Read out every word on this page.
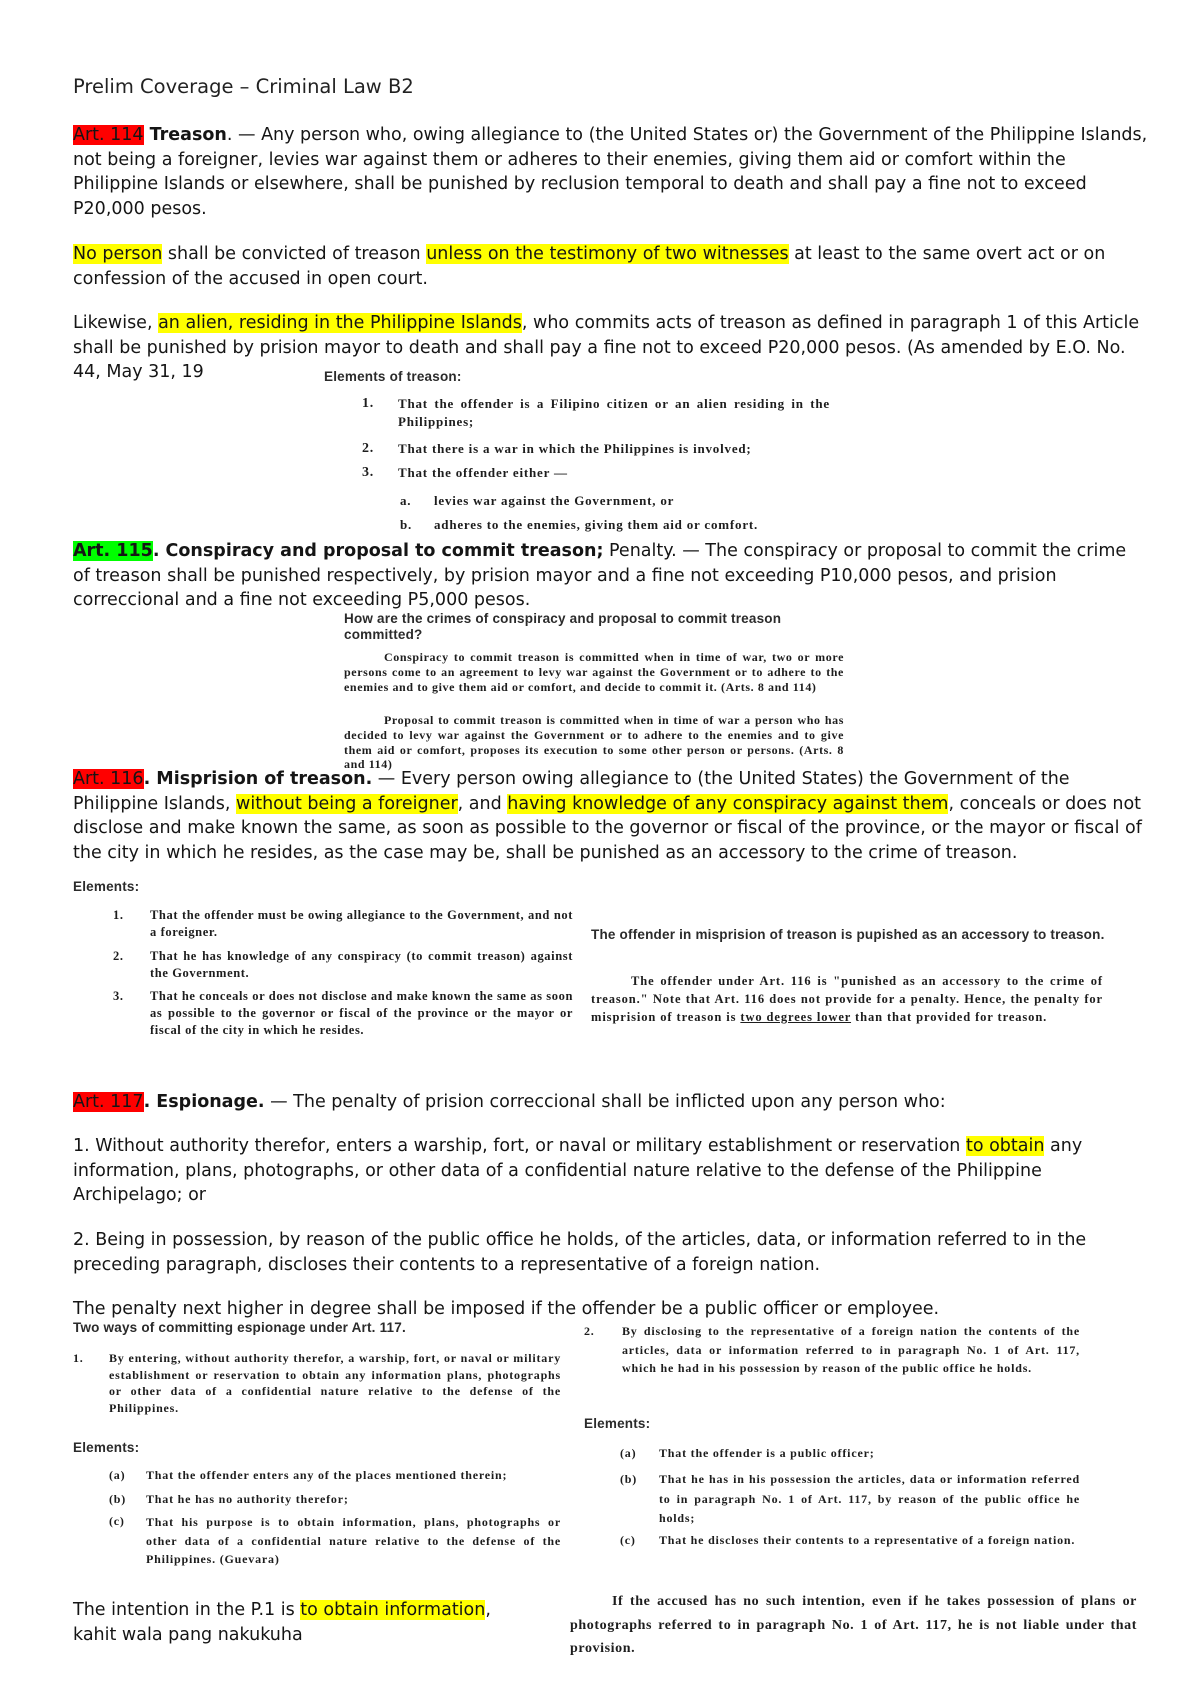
Prelim Coverage – Criminal Law B2
Art. 114 Treason. — Any person who, owing allegiance to (the United States or) the Government of the Philippine Islands, not being a foreigner, levies war against them or adheres to their enemies, giving them aid or comfort within the Philippine Islands or elsewhere, shall be punished by reclusion temporal to death and shall pay a fine not to exceed P20,000 pesos.
No person shall be convicted of treason unless on the testimony of two witnesses at least to the same overt act or on confession of the accused in open court.
Likewise, an alien, residing in the Philippine Islands, who commits acts of treason as defined in paragraph 1 of this Article shall be punished by prision mayor to death and shall pay a fine not to exceed P20,000 pesos. (As amended by E.O. No. 44, May 31, 19	Elements of treason:
1. That the offender is a Filipino citizen or an alien residing in the Philippines;
2. That there is a war in which the Philippines is involved;
3. That the offender either —
a. levies war against the Government, or
b. adheres to the enemies, giving them aid or comfort.
Art. 115. Conspiracy and proposal to commit treason; Penalty. — The conspiracy or proposal to commit the crime of treason shall be punished respectively, by prision mayor and a fine not exceeding P10,000 pesos, and prision correccional and a fine not exceeding P5,000 pesos.
How are the crimes of conspiracy and proposal to commit treason committed?
Conspiracy to commit treason is committed when in time of war, two or more persons come to an agreement to levy war against the Government or to adhere to the enemies and to give them aid or comfort, and decide to commit it. (Arts. 8 and 114)
Proposal to commit treason is committed when in time of war a person who has decided to levy war against the Government or to adhere to the enemies and to give them aid or comfort, proposes its execution to some other person or persons. (Arts. 8 and 114)
Art. 116. Misprision of treason. — Every person owing allegiance to (the United States) the Government of the Philippine Islands, without being a foreigner, and having knowledge of any conspiracy against them, conceals or does not disclose and make known the same, as soon as possible to the governor or fiscal of the province, or the mayor or fiscal of the city in which he resides, as the case may be, shall be punished as an accessory to the crime of treason.
Elements:
1. That the offender must be owing allegiance to the Government, and not a foreigner.
2. That he has knowledge of any conspiracy (to commit treason) against the Government.
3. That he conceals or does not disclose and make known the same as soon as possible to the governor or fiscal of the province or the mayor or fiscal of the city in which he resides.
The offender in misprision of treason is pupished as an accessory to treason.
The offender under Art. 116 is "punished as an accessory to the crime of treason." Note that Art. 116 does not provide for a penalty. Hence, the penalty for misprision of treason is two degrees lower than that provided for treason.
Art. 117. Espionage. — The penalty of prision correccional shall be inflicted upon any person who:
1. Without authority therefor, enters a warship, fort, or naval or military establishment or reservation to obtain any information, plans, photographs, or other data of a confidential nature relative to the defense of the Philippine Archipelago; or
2. Being in possession, by reason of the public office he holds, of the articles, data, or information referred to in the preceding paragraph, discloses their contents to a representative of a foreign nation.
The penalty next higher in degree shall be imposed if the offender be a public officer or employee.
Two ways of committing espionage under Art. 117.
1. By entering, without authority therefor, a warship, fort, or naval or military establishment or reservation to obtain any information plans, photographs or other data of a confidential nature relative to the defense of the Philippines.
Elements:
(a) That the offender enters any of the places mentioned therein;
(b) That he has no authority therefor;
(c) That his purpose is to obtain information, plans, photographs or other data of a confidential nature relative to the defense of the Philippines. (Guevara)
2. By disclosing to the representative of a foreign nation the contents of the articles, data or information referred to in paragraph No. 1 of Art. 117, which he had in his possession by reason of the public office he holds.
Elements:
(a) That the offender is a public officer;
(b) That he has in his possession the articles, data or information referred to in paragraph No. 1 of Art. 117, by reason of the public office he holds;
(c) That he discloses their contents to a representative of a foreign nation.
The intention in the P.1 is to obtain information,
kahit wala pang nakukuha
If the accused has no such intention, even if he takes possession of plans or photographs referred to in paragraph No. 1 of Art. 117, he is not liable under that provision.
